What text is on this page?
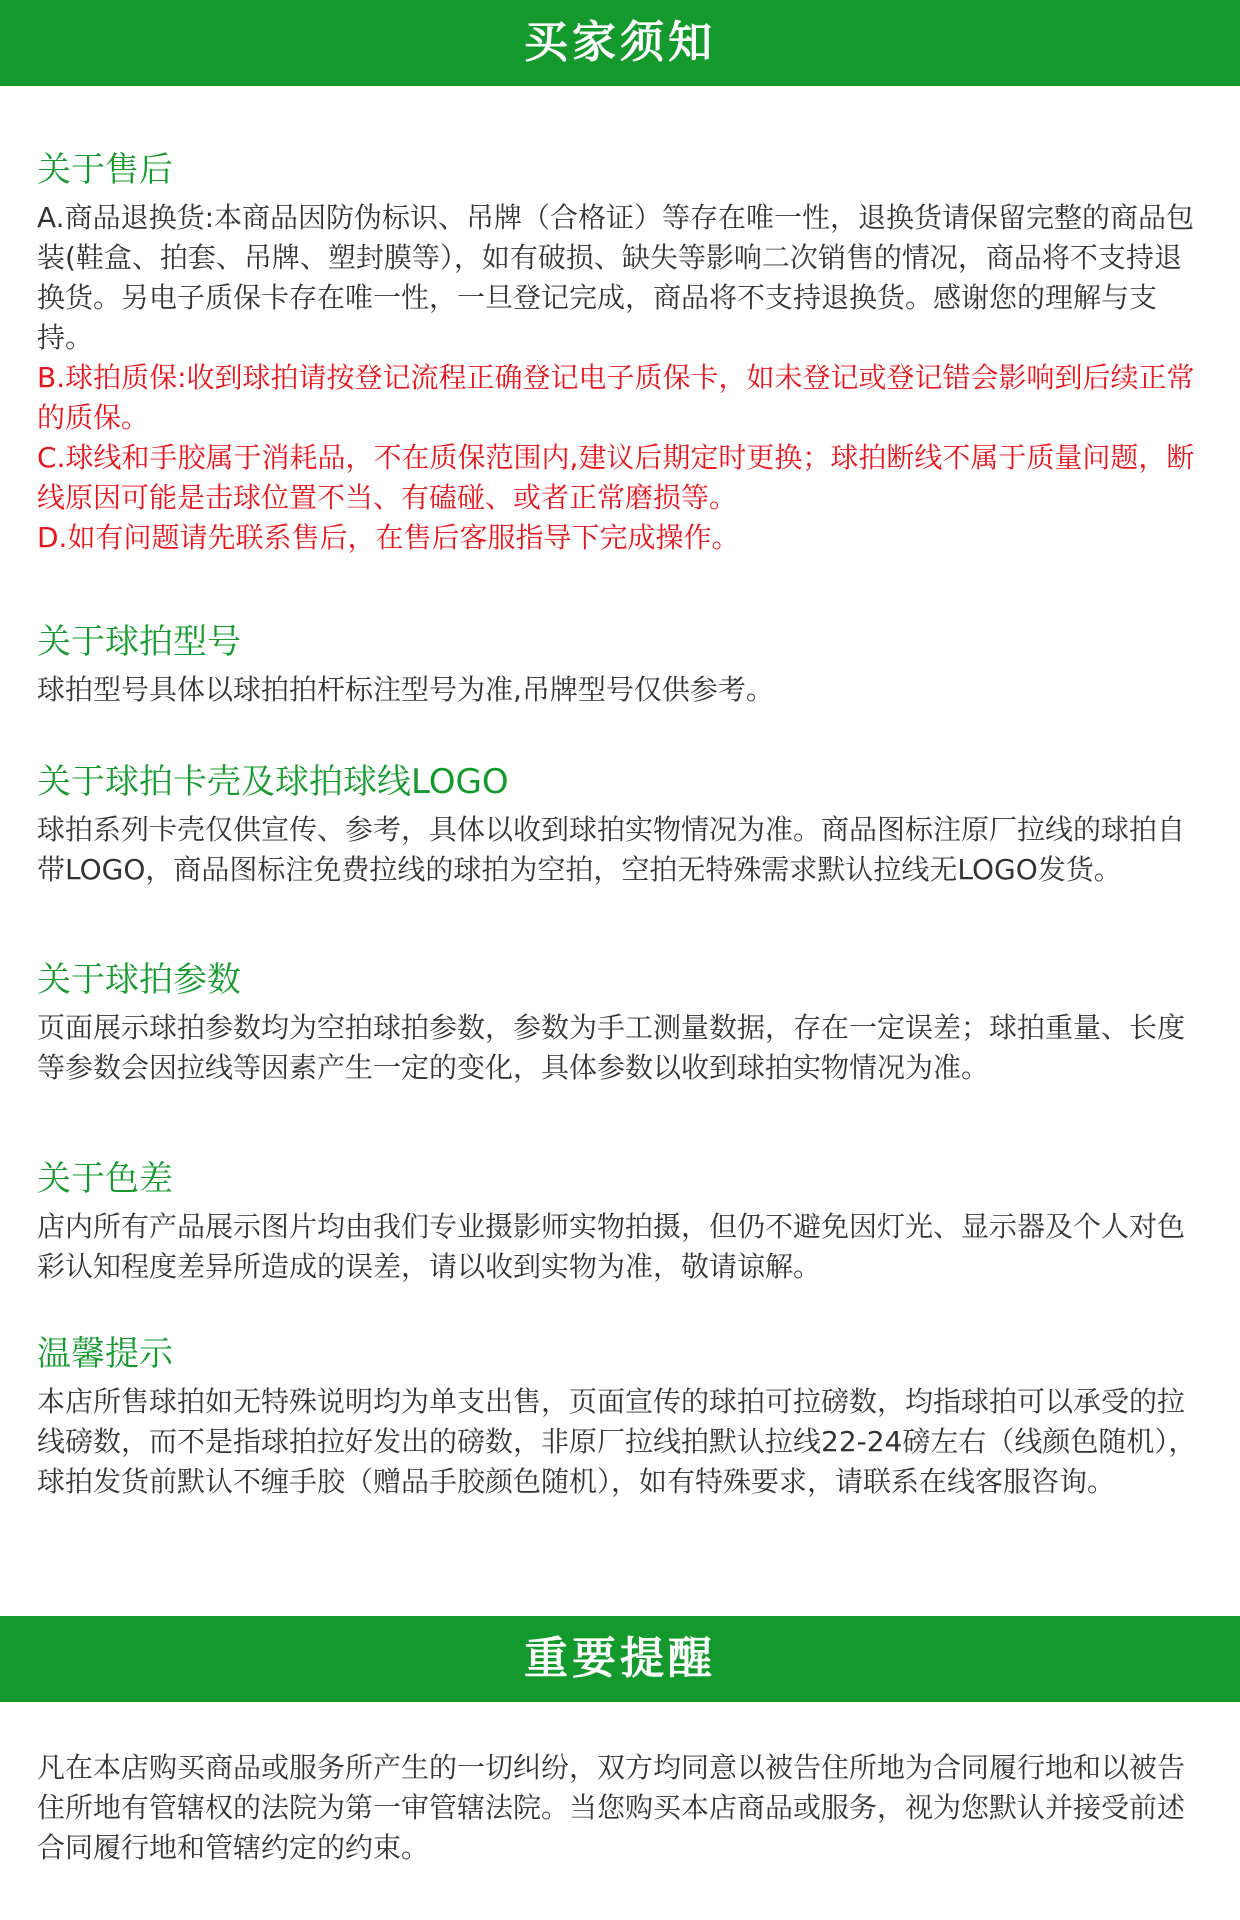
买家须知
关于售后

A.商品退换货:本商品因防伪标识、吊牌（合格证）等存在唯一性，退换货请保留完整的商品包装(鞋盒、拍套、吊牌、塑封膜等），如有破损、缺失等影响二次销售的情况，商品将不支持退换货。另电子质保卡存在唯一性，一旦登记完成，商品将不支持退换货。感谢您的理解与支持。

B.球拍质保:收到球拍请按登记流程正确登记电子质保卡，如未登记或登记错会影响到后续正常的质保。

C.球线和手胶属于消耗品，不在质保范围内,建议后期定时更换；球拍断线不属于质量问题，断线原因可能是击球位置不当、有磕碰、或者正常磨损等。

D.如有问题请先联系售后，在售后客服指导下完成操作。

关于球拍型号

球拍型号具体以球拍拍杆标注型号为准,吊牌型号仅供参考。

关于球拍卡壳及球拍球线LOGO

球拍系列卡壳仅供宣传、参考，具体以收到球拍实物情况为准。商品图标注原厂拉线的球拍自带LOGO，商品图标注免费拉线的球拍为空拍，空拍无特殊需求默认拉线无LOGO发货。

关于球拍参数

页面展示球拍参数均为空拍球拍参数，参数为手工测量数据，存在一定误差；球拍重量、长度等参数会因拉线等因素产生一定的变化，具体参数以收到球拍实物情况为准。

关于色差

店内所有产品展示图片均由我们专业摄影师实物拍摄，但仍不避免因灯光、显示器及个人对色彩认知程度差异所造成的误差，请以收到实物为准，敬请谅解。

温馨提示

本店所售球拍如无特殊说明均为单支出售，页面宣传的球拍可拉磅数，均指球拍可以承受的拉线磅数，而不是指球拍拉好发出的磅数，非原厂拉线拍默认拉线22-24磅左右（线颜色随机），球拍发货前默认不缠手胶（赠品手胶颜色随机），如有特殊要求，请联系在线客服咨询。

重要提醒

凡在本店购买商品或服务所产生的一切纠纷，双方均同意以被告住所地为合同履行地和以被告住所地有管辖权的法院为第一审管辖法院。当您购买本店商品或服务，视为您默认并接受前述合同履行地和管辖约定的约束。
